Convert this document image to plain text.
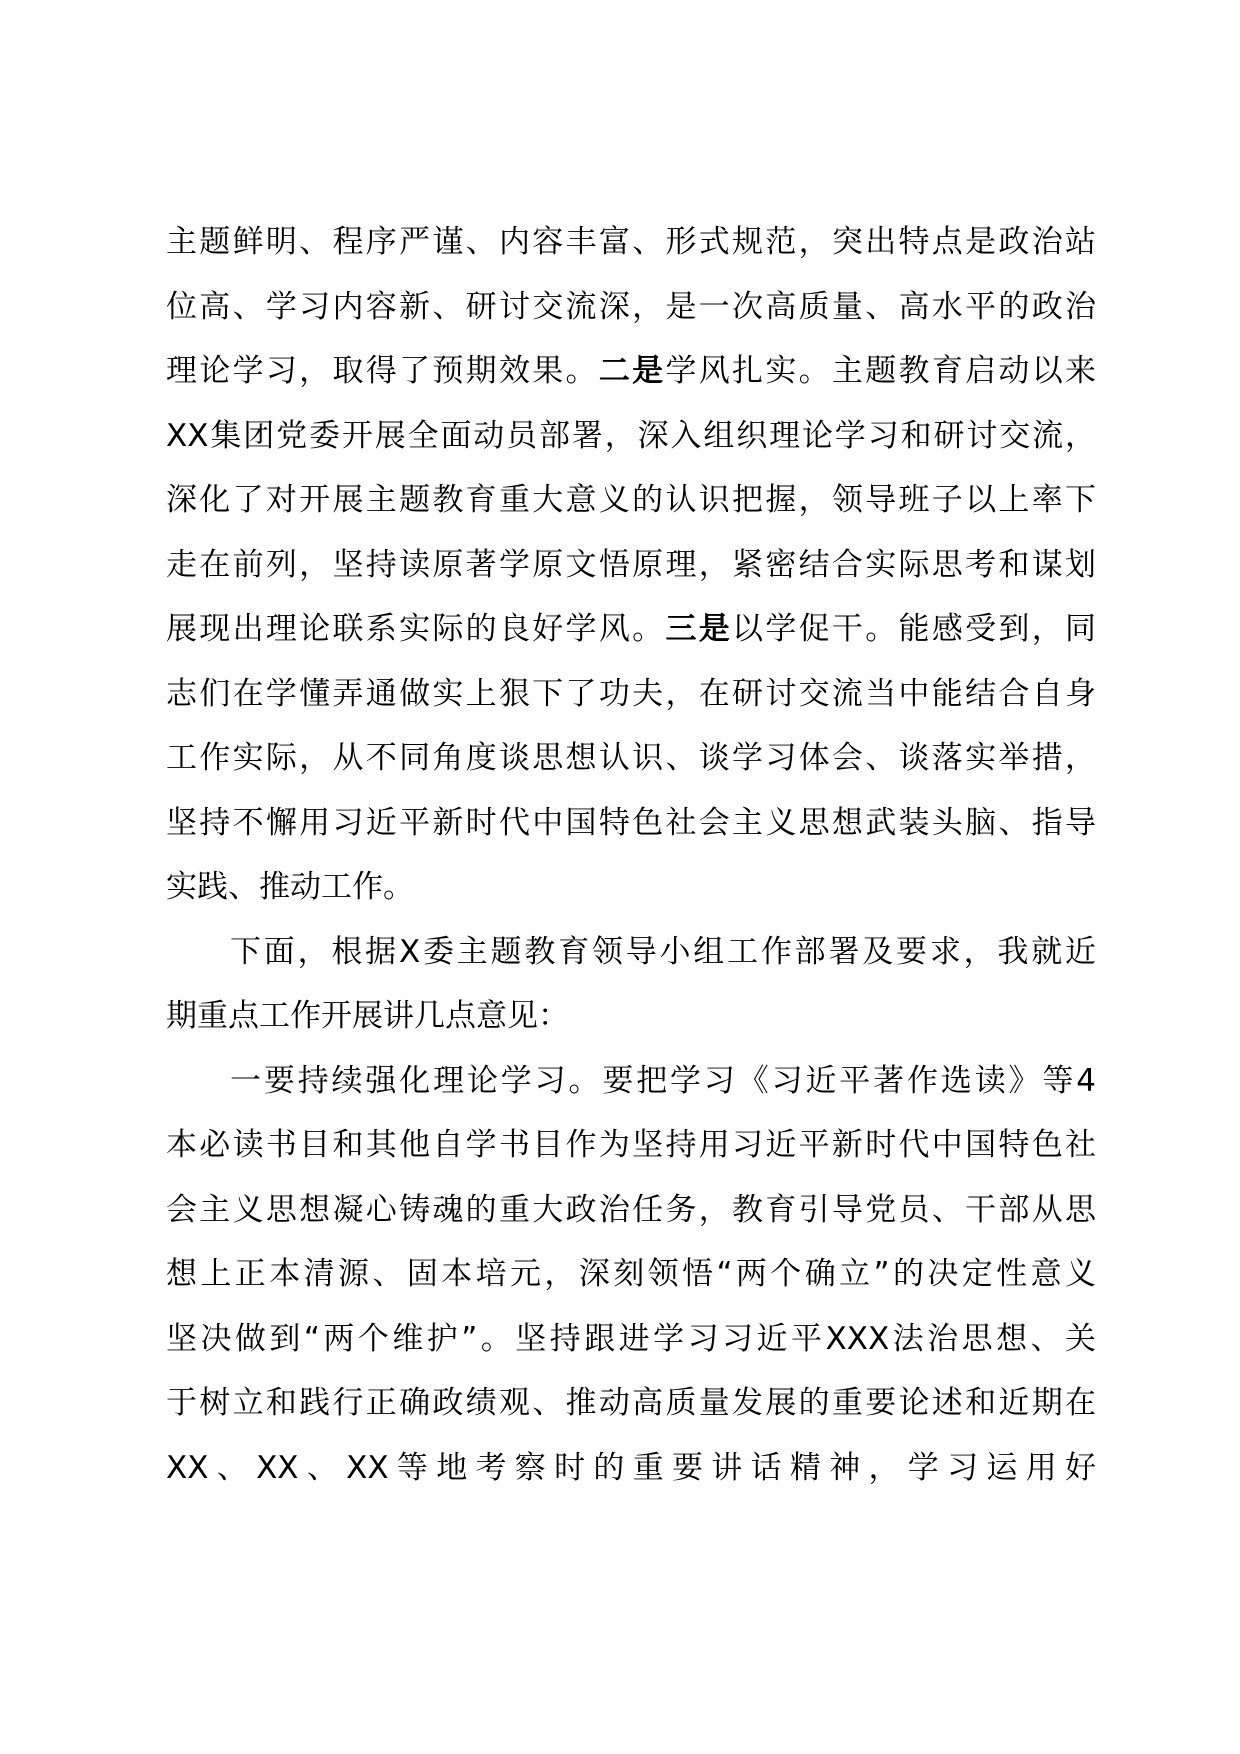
主题鲜明、程序严谨、内容丰富、形式规范，突出特点是政治站
位高、学习内容新、研讨交流深，是一次高质量、高水平的政治
理论学习，取得了预期效果。二是学风扎实。主题教育启动以来
XX集团党委开展全面动员部署，深入组织理论学习和研讨交流，
深化了对开展主题教育重大意义的认识把握，领导班子以上率下
走在前列，坚持读原著学原文悟原理，紧密结合实际思考和谋划
展现出理论联系实际的良好学风。三是以学促干。能感受到，同
志们在学懂弄通做实上狠下了功夫，在研讨交流当中能结合自身
工作实际，从不同角度谈思想认识、谈学习体会、谈落实举措，
坚持不懈用习近平新时代中国特色社会主义思想武装头脑、指导
实践、推动工作。
下面，根据X委主题教育领导小组工作部署及要求，我就近
期重点工作开展讲几点意见：
一要持续强化理论学习。要把学习《习近平著作选读》等4
本必读书目和其他自学书目作为坚持用习近平新时代中国特色社
会主义思想凝心铸魂的重大政治任务，教育引导党员、干部从思
想上正本清源、固本培元，深刻领悟“两个确立”的决定性意义
坚决做到“两个维护”。坚持跟进学习习近平XXX法治思想、关
于树立和践行正确政绩观、推动高质量发展的重要论述和近期在
XX、XX、XX等地考察时的重要讲话精神，学习运用好
